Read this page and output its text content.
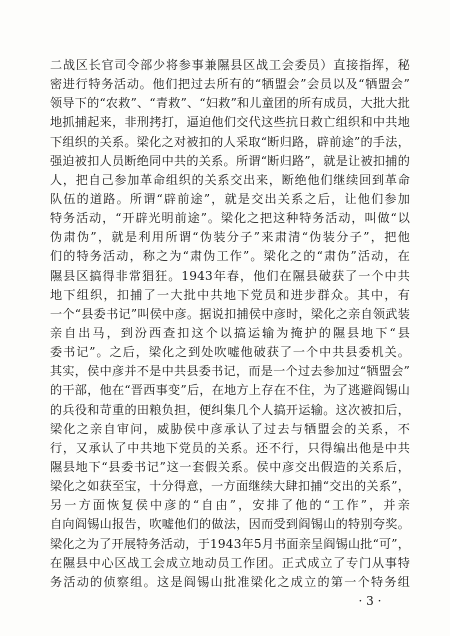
二战区长官司令部少将参事兼隰县区战工会委员）直接指挥，秘
密进行特务活动。他们把过去所有的“牺盟会”会员以及“牺盟会”
领导下的“农救”、“青救”、“妇救”和儿童团的所有成员，大批大批
地抓捕起来，非刑拷打，逼迫他们交代这些抗日救亡组织和中共地
下组织的关系。梁化之对被扣的人采取“断归路，辟前途”的手法，
强迫被扣人员断绝同中共的关系。所谓“断归路”，就是让被扣捕的
人，把自己参加革命组织的关系交出来，断绝他们继续回到革命
队伍的道路。所谓“辟前途”，就是交出关系之后，让他们参加
特务活动，“开辟光明前途”。梁化之把这种特务活动，叫做“以
伪肃伪”，就是利用所谓“伪装分子”来肃清“伪装分子”，把他
们的特务活动，称之为“肃伪工作”。梁化之的“肃伪”活动，在
隰县区搞得非常猖狂。1943年春，他们在隰县破获了一个中共
地下组织，扣捕了一大批中共地下党员和进步群众。其中，有
一个“县委书记”叫侯中彦。据说扣捕侯中彦时，梁化之亲自领武装
亲自出马，到汾西查扣这个以搞运输为掩护的隰县地下“县
委书记”。之后，梁化之到处吹嘘他破获了一个中共县委机关。
其实，侯中彦并不是中共县委书记，而是一个过去参加过“牺盟会”
的干部，他在“晋西事变”后，在地方上存在不住，为了逃避阎锡山
的兵役和苛重的田粮负担，便纠集几个人搞开运输。这次被扣后，
梁化之亲自审问，威胁侯中彦承认了过去与牺盟会的关系，不
行，又承认了中共地下党员的关系。还不行，只得编出他是中共
隰县地下“县委书记”这一套假关系。侯中彦交出假造的关系后，
梁化之如获至宝，十分得意，一方面继续大肆扣捕“交出的关系”，
另一方面恢复侯中彦的“自由”，安排了他的“工作”，并亲
自向阎锡山报告，吹嘘他们的做法，因而受到阎锡山的特别夸奖。
梁化之为了开展特务活动，于1943年5月书面亲呈阎锡山批“可”，
在隰县中心区战工会成立地动员工作团。正式成立了专门从事特
务活动的侦察组。这是阎锡山批准梁化之成立的第一个特务组
· 3 ·
